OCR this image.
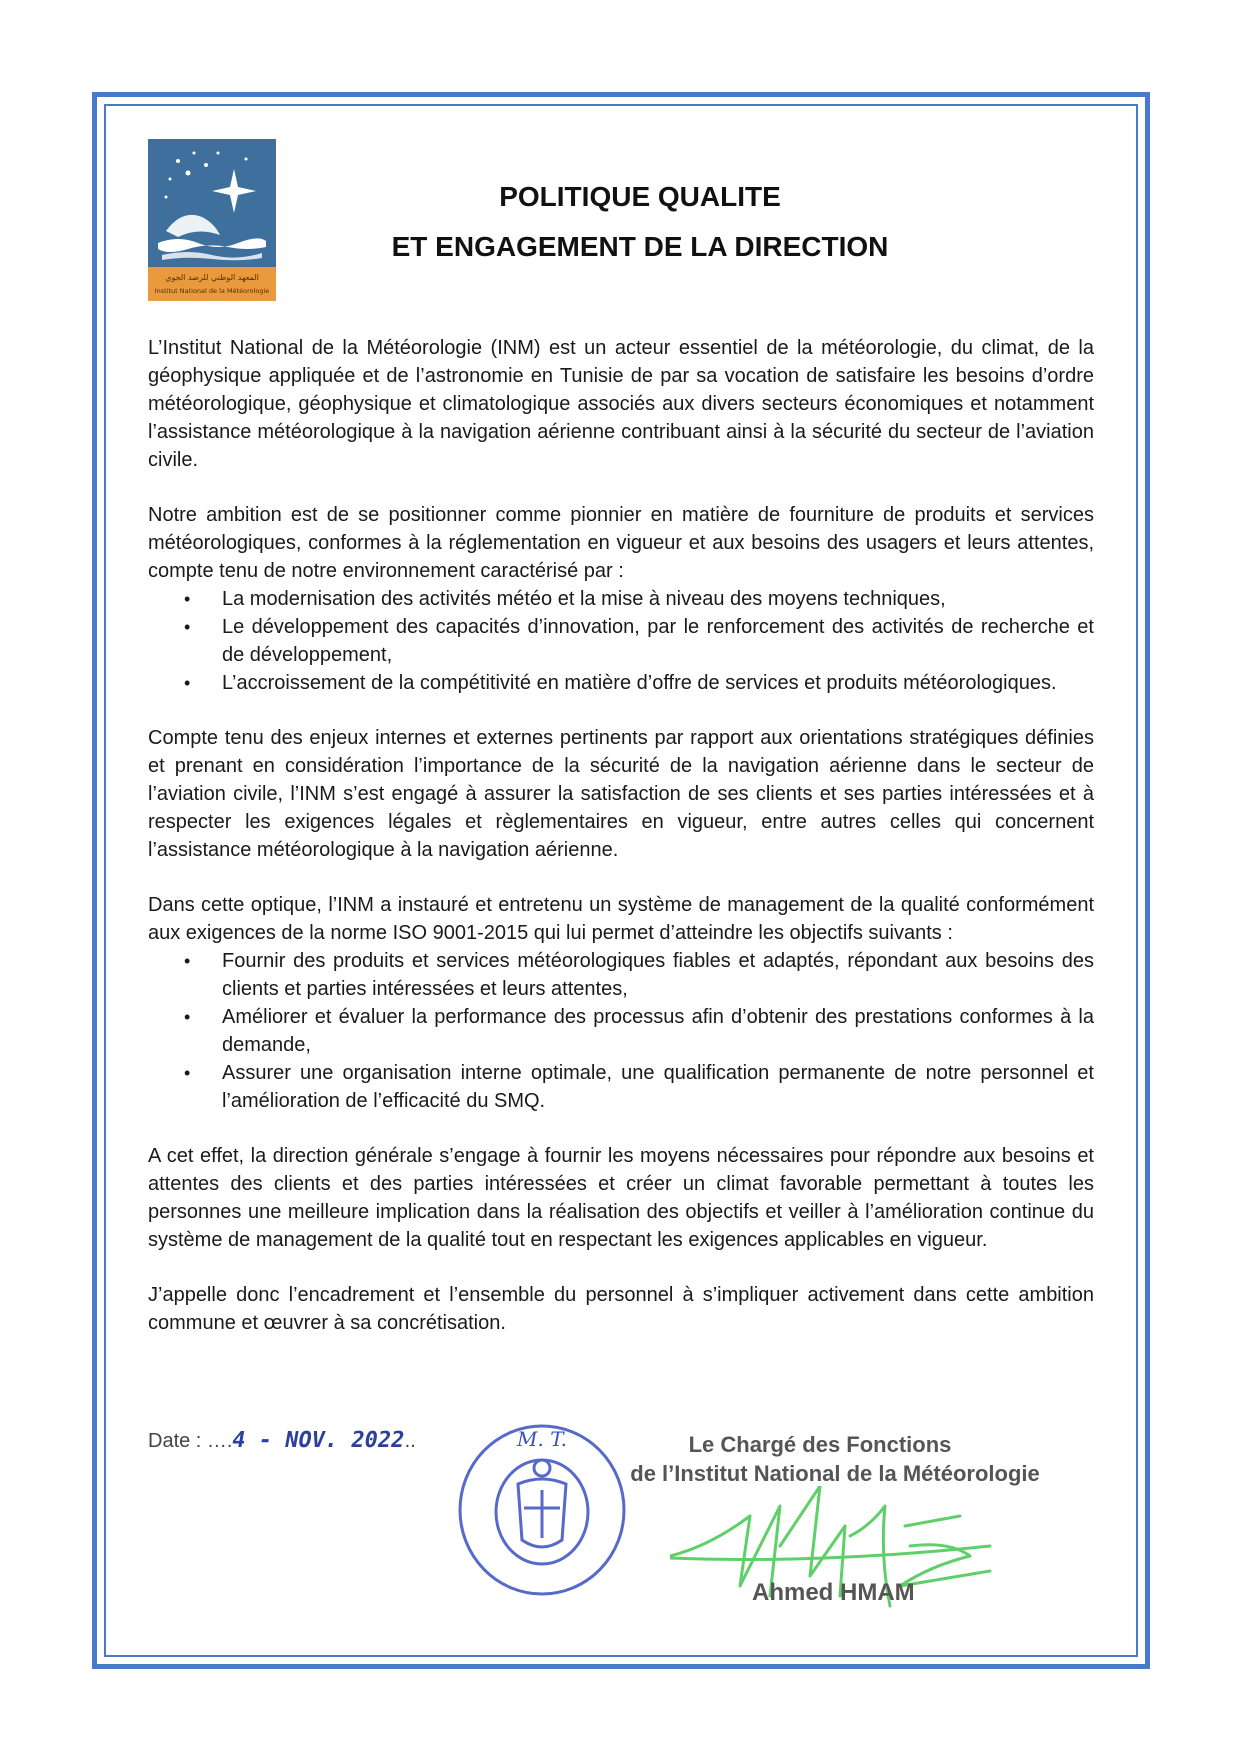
المعهد الوطني للرصد الجوي
Institut National de la Météorologie
POLITIQUE QUALITE
ET ENGAGEMENT DE LA DIRECTION

L’Institut National de la Météorologie (INM) est un acteur essentiel de la météorologie, du climat, de la géophysique appliquée et de l’astronomie en Tunisie de par sa vocation de satisfaire les besoins d’ordre météorologique, géophysique et climatologique associés aux divers secteurs économiques et notamment l’assistance météorologique à la navigation aérienne contribuant ainsi à la sécurité du secteur de l’aviation civile.

Notre ambition est de se positionner comme pionnier en matière de fourniture de produits et services météorologiques, conformes à la réglementation en vigueur et aux besoins des usagers et leurs attentes, compte tenu de notre environnement caractérisé par :

• La modernisation des activités météo et la mise à niveau des moyens techniques,
• Le développement des capacités d’innovation, par le renforcement des activités de recherche et de développement,
• L’accroissement de la compétitivité en matière d’offre de services et produits météorologiques.

Compte tenu des enjeux internes et externes pertinents par rapport aux orientations stratégiques définies et prenant en considération l’importance de la sécurité de la navigation aérienne dans le secteur de l’aviation civile, l’INM s’est engagé à assurer la satisfaction de ses clients et ses parties intéressées et à respecter les exigences légales et règlementaires en vigueur, entre autres celles qui concernent l’assistance météorologique à la navigation aérienne.

Dans cette optique, l’INM a instauré et entretenu un système de management de la qualité conformément aux exigences de la norme ISO 9001-2015 qui lui permet d’atteindre les objectifs suivants :

• Fournir des produits et services météorologiques fiables et adaptés, répondant aux besoins des clients et parties intéressées et leurs attentes,
• Améliorer et évaluer la performance des processus afin d’obtenir des prestations conformes à la demande,
• Assurer une organisation interne optimale, une qualification permanente de notre personnel et l’amélioration de l’efficacité du SMQ.

A cet effet, la direction générale s’engage à fournir les moyens nécessaires pour répondre aux besoins et attentes des clients et des parties intéressées et créer un climat favorable permettant à toutes les personnes une meilleure implication dans la réalisation des objectifs et veiller à l’amélioration continue du système de management de la qualité tout en respectant les exigences applicables en vigueur.

J’appelle donc l’encadrement et l’ensemble du personnel à s’impliquer activement dans cette ambition commune et œuvrer à sa concrétisation.

Date : ….4 - NOV. 2022..	M. T.	Le Chargé des Fonctions
de l’Institut National de la Météorologie
Ahmed HMAM
